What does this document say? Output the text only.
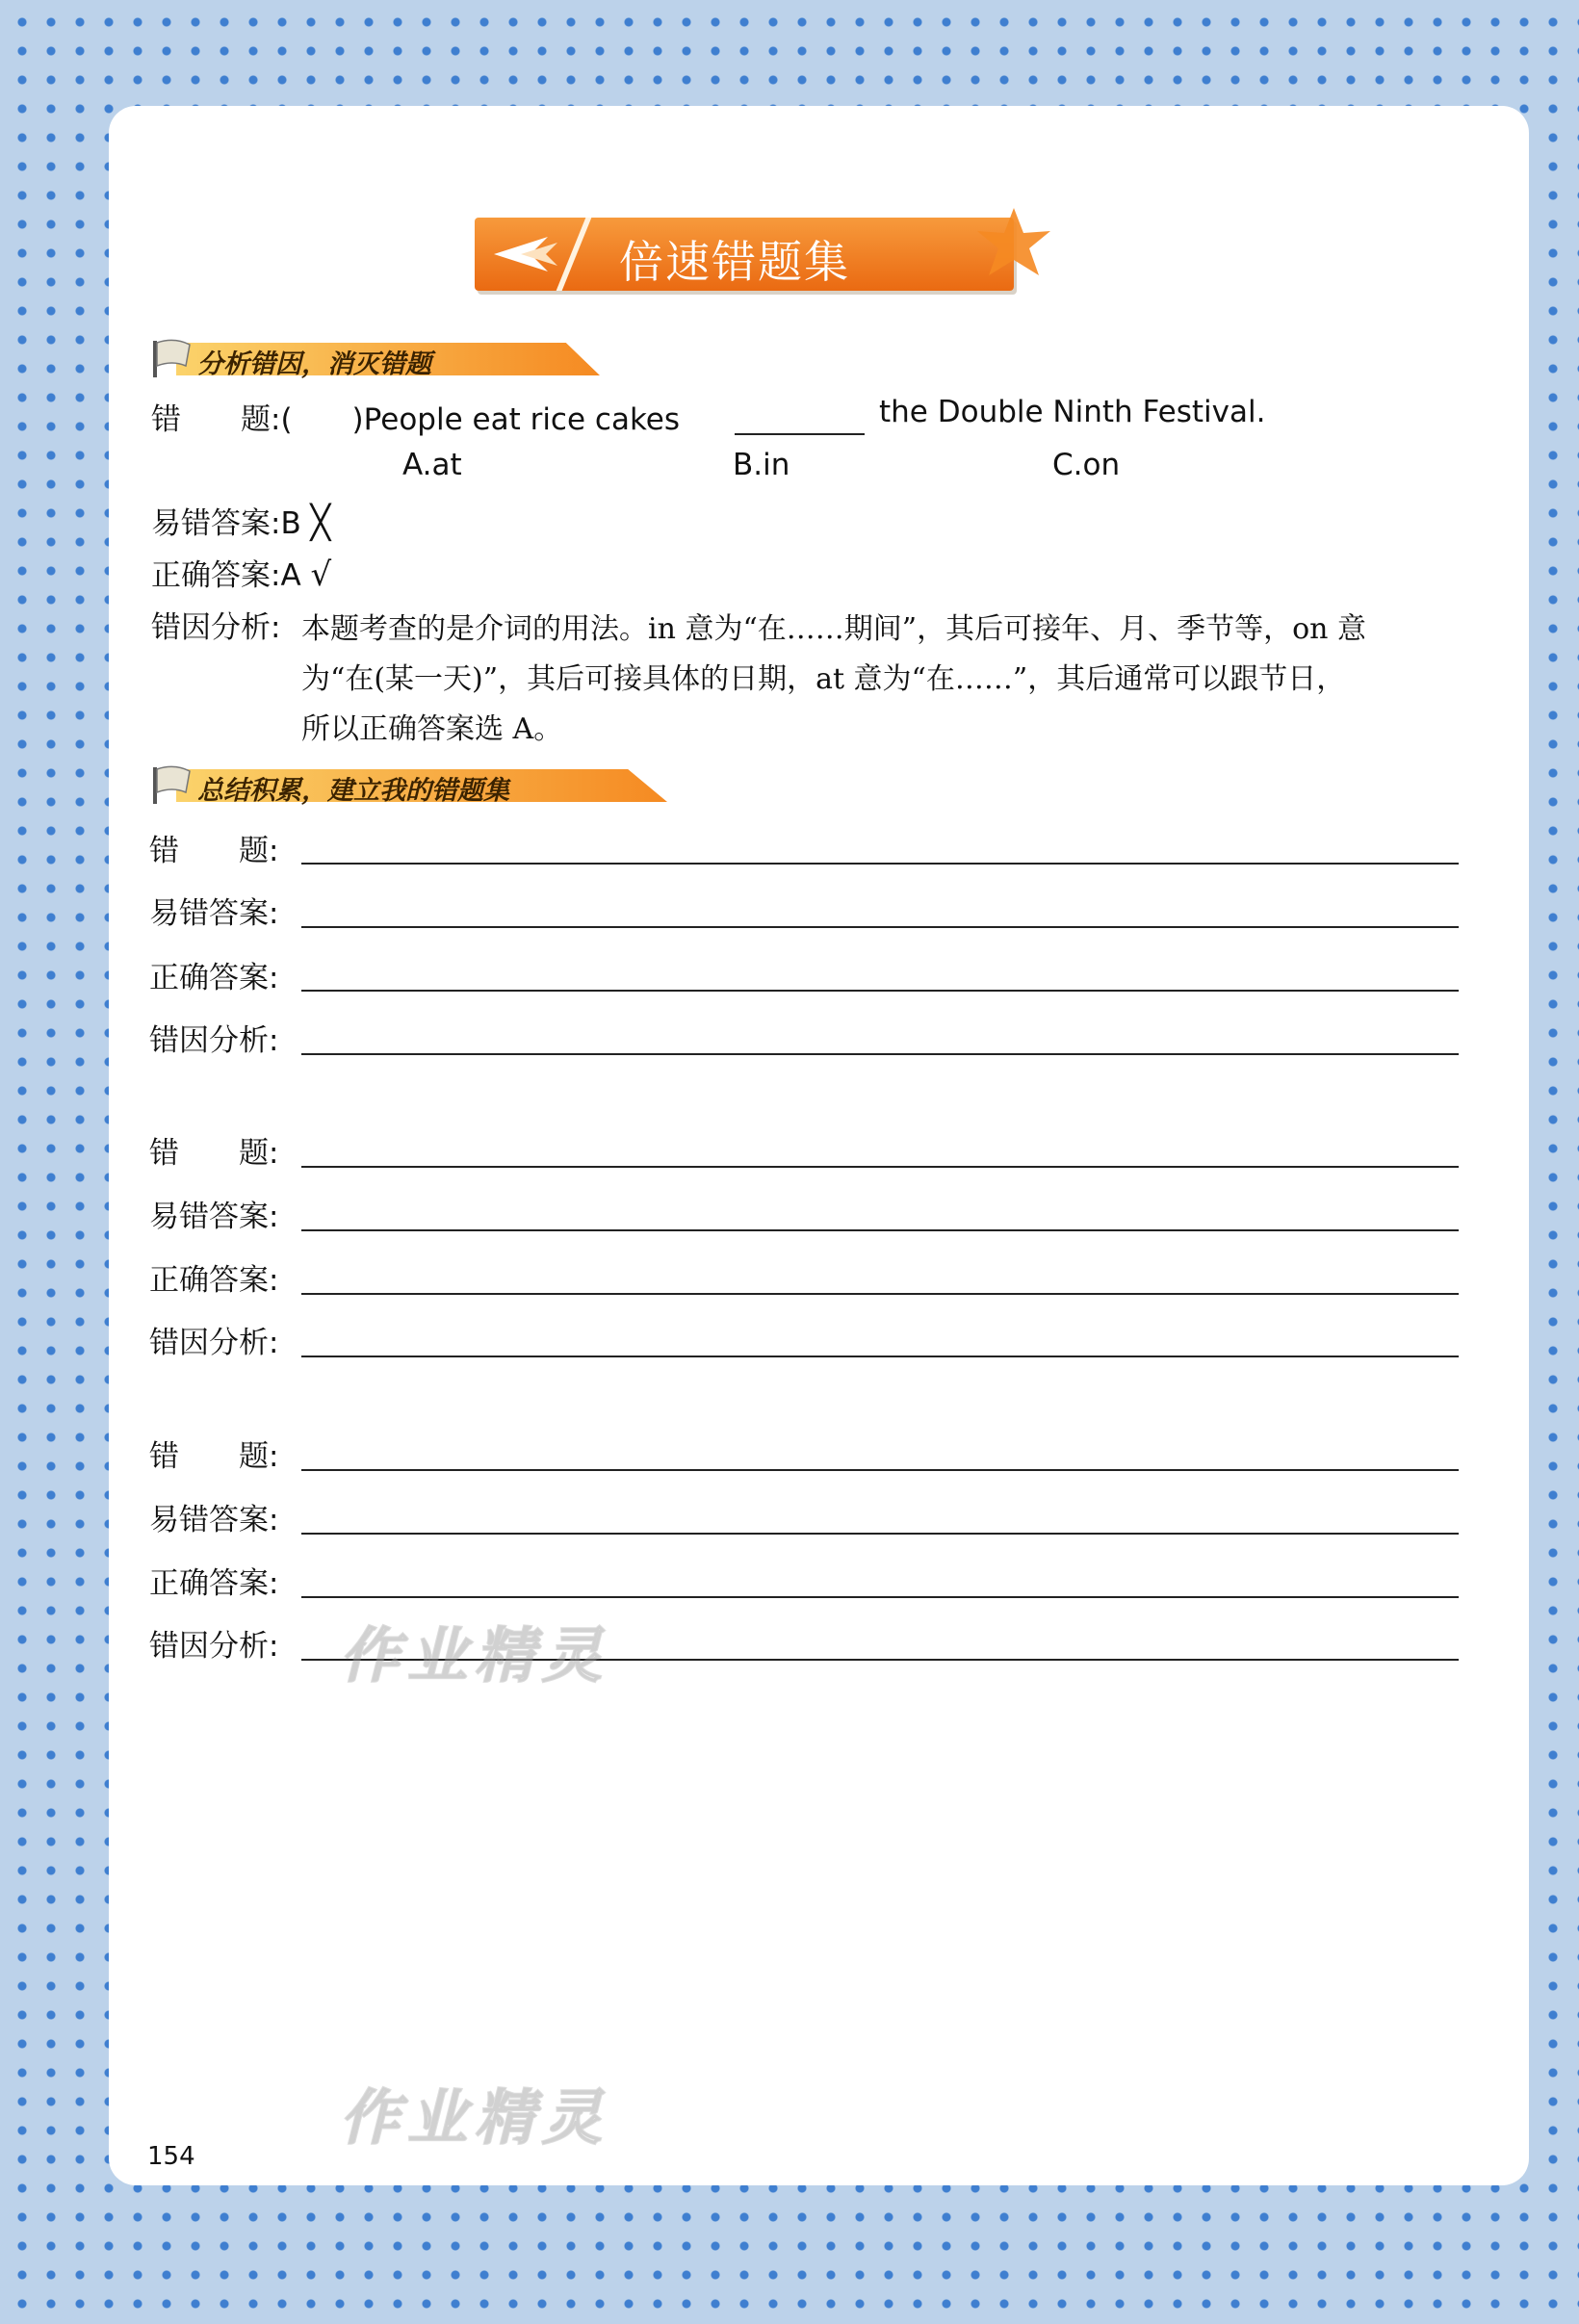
倍速错题集
分析错因，消灭错题
错　　题:(　　)People eat rice cakes	the Double Ninth Festival.
A.at	B.in	C.on
易错答案:B ╳
正确答案:A √
错因分析: 本题考查的是介词的用法。in 意为“在……期间”，其后可接年、月、季节等，on 意
为“在(某一天)”，其后可接具体的日期，at 意为“在……”，其后通常可以跟节日，
所以正确答案选 A。
总结积累，建立我的错题集
错　　题:
易错答案:
正确答案:
错因分析:
错　　题:
易错答案:
正确答案:
错因分析:
错　　题:
易错答案:
正确答案:
错因分析: 作业精灵
作业精灵
154
